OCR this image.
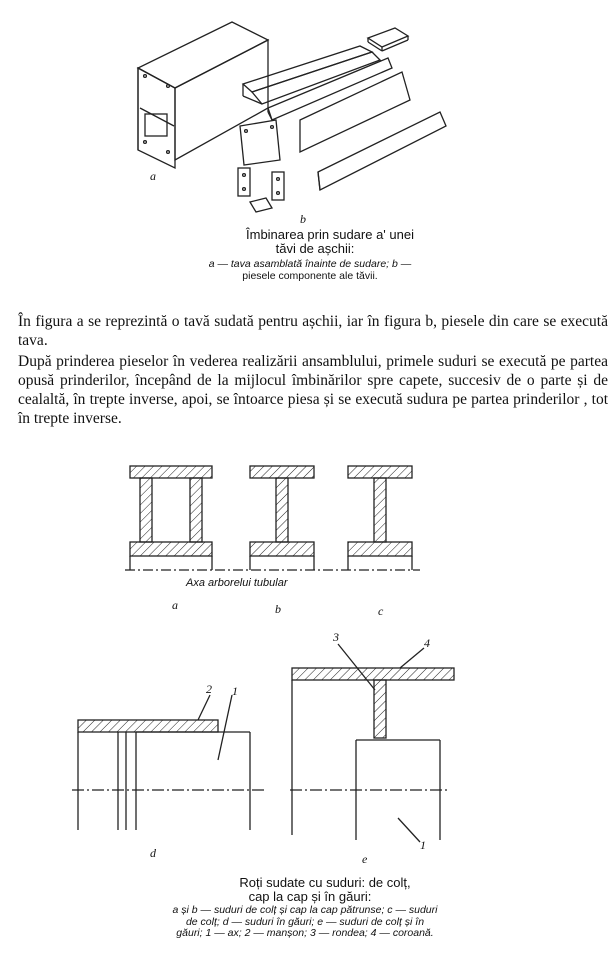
a
b
Îmbinarea prin sudare a' unei
tăvi de așchii:
a — tava asamblată înainte de sudare; b —
piesele componente ale tăvii.
În figura a se reprezintă o tavă sudată pentru așchii, iar în figura b, piesele din care se execută tava.
După prinderea pieselor în vederea realizării ansamblului, primele suduri se execută pe partea opusă prinderilor, începând de la mijlocul îmbinărilor spre capete, succesiv de o parte și de cealaltă, în trepte inverse, apoi, se întoarce piesa și se execută sudura pe partea prinderilor , tot în trepte inverse.
Axa arborelui tubular
a	b	c
d	e
2 1
3	4
1
Roți sudate cu suduri: de colț,
cap la cap și în găuri:
a și b — suduri de colț și cap la cap pătrunse; c — suduri
de colț; d — suduri în găuri; e — suduri de colț și în
găuri; 1 — ax; 2 — manșon; 3 — rondea; 4 — coroană.
